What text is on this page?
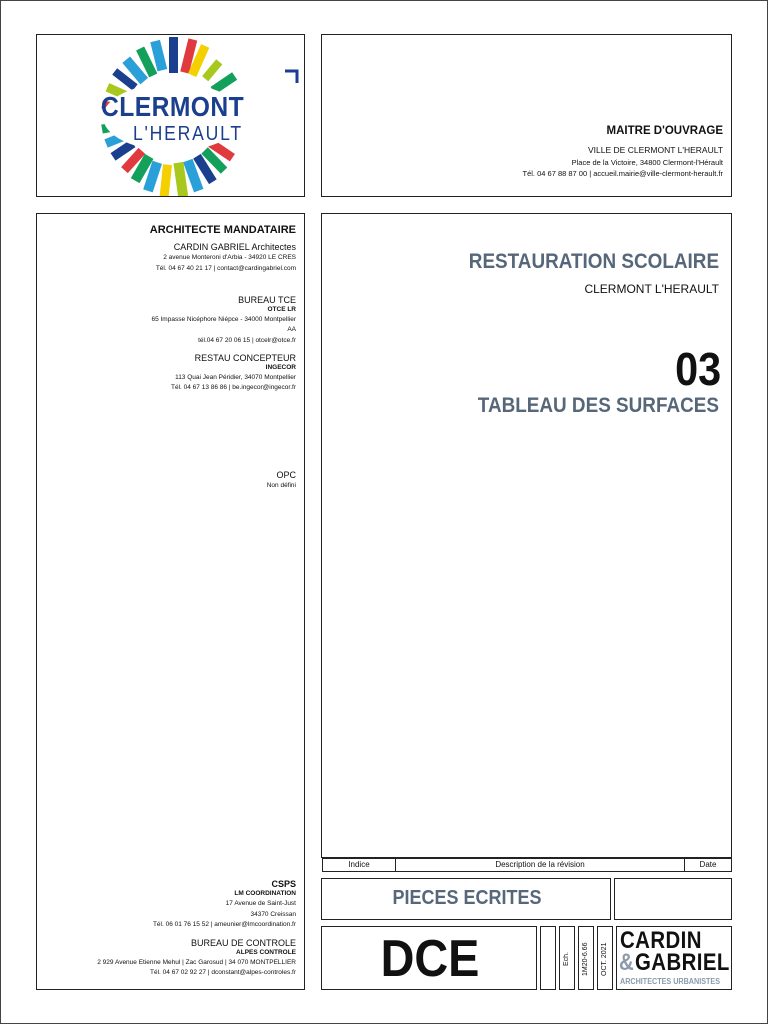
CLERMONT
L'HERAULT	MAITRE D'OUVRAGE
VILLE DE CLERMONT L'HERAULT
Place de la Victoire, 34800 Clermont-l'Hérault
Tél. 04 67 88 87 00 | accueil.mairie@ville-clermont-herault.fr
ARCHITECTE MANDATAIRE
CARDIN GABRIEL Architectes
2 avenue Monteroni d'Arbia - 34920 LE CRES
Tél. 04 67 40 21 17 | contact@cardingabriel.com
BUREAU TCE
OTCE LR
65 Impasse Nicéphore Niépce - 34000 Montpellier
AA
tél.04 67 20 06 15 | otcelr@otce.fr
RESTAU CONCEPTEUR
INGECOR
113 Quai Jean Péridier, 34070 Montpellier
Tél. 04 67 13 86 86 | be.ingecor@ingecor.fr
OPC
Non défini
CSPS
LM COORDINATION
17 Avenue de Saint-Just
34370 Creissan
Tél. 06 01 76 15 52 | ameunier@lmcoordination.fr
BUREAU DE CONTROLE
ALPES CONTROLE
2 929 Avenue Etienne Mehul | Zac Garosud | 34 070 MONTPELLIER
Tél. 04 67 02 92 27 | dconstant@alpes-controles.fr
RESTAURATION SCOLAIRE
CLERMONT L'HERAULT
03
TABLEAU DES SURFACES
Indice	Description de la révision	Date
PIECES ECRITES
DCE	Ech. 1M20-6.66 OCT. 2021
CARDIN
&GABRIEL
ARCHITECTES URBANISTES
